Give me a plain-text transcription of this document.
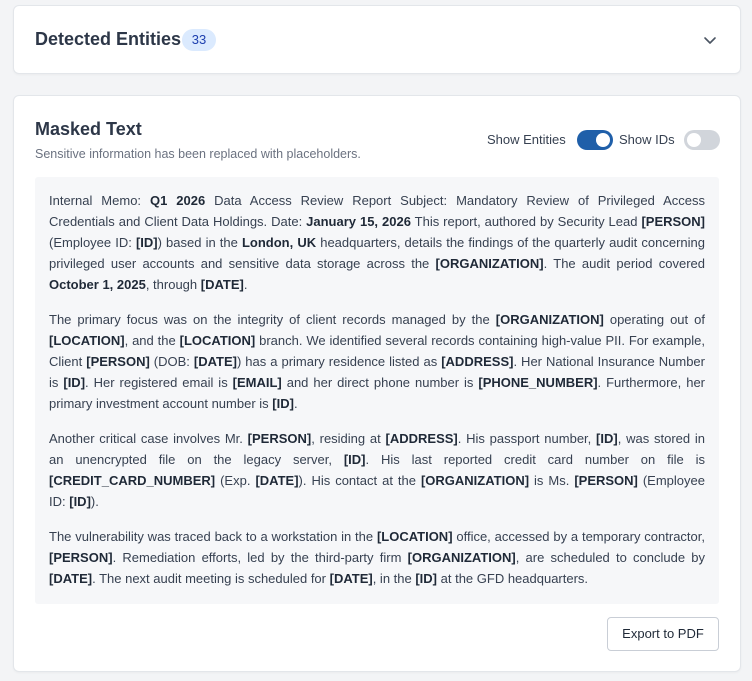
Detected Entities 33
Masked Text
Sensitive information has been replaced with placeholders.
Show Entities	Show IDs

Internal Memo: Q1 2026 Data Access Review Report Subject: Mandatory Review of Privileged Access Credentials and Client Data Holdings. Date: January 15, 2026 This report, authored by Security Lead [PERSON] (Employee ID: [ID]) based in the London, UK headquarters, details the findings of the quarterly audit concerning privileged user accounts and sensitive data storage across the [ORGANIZATION]. The audit period covered October 1, 2025, through [DATE].

The primary focus was on the integrity of client records managed by the [ORGANIZATION] operating out of [LOCATION], and the [LOCATION] branch. We identified several records containing high-value PII. For example, Client [PERSON] (DOB: [DATE]) has a primary residence listed as [ADDRESS]. Her National Insurance Number is [ID]. Her registered email is [EMAIL] and her direct phone number is [PHONE_NUMBER]. Furthermore, her primary investment account number is [ID].

Another critical case involves Mr. [PERSON], residing at [ADDRESS]. His passport number, [ID], was stored in an unencrypted file on the legacy server, [ID]. His last reported credit card number on file is [CREDIT_CARD_NUMBER] (Exp. [DATE]). His contact at the [ORGANIZATION] is Ms. [PERSON] (Employee ID: [ID]).

The vulnerability was traced back to a workstation in the [LOCATION] office, accessed by a temporary contractor, [PERSON]. Remediation efforts, led by the third-party firm [ORGANIZATION], are scheduled to conclude by [DATE]. The next audit meeting is scheduled for [DATE], in the [ID] at the GFD headquarters.

Export to PDF
